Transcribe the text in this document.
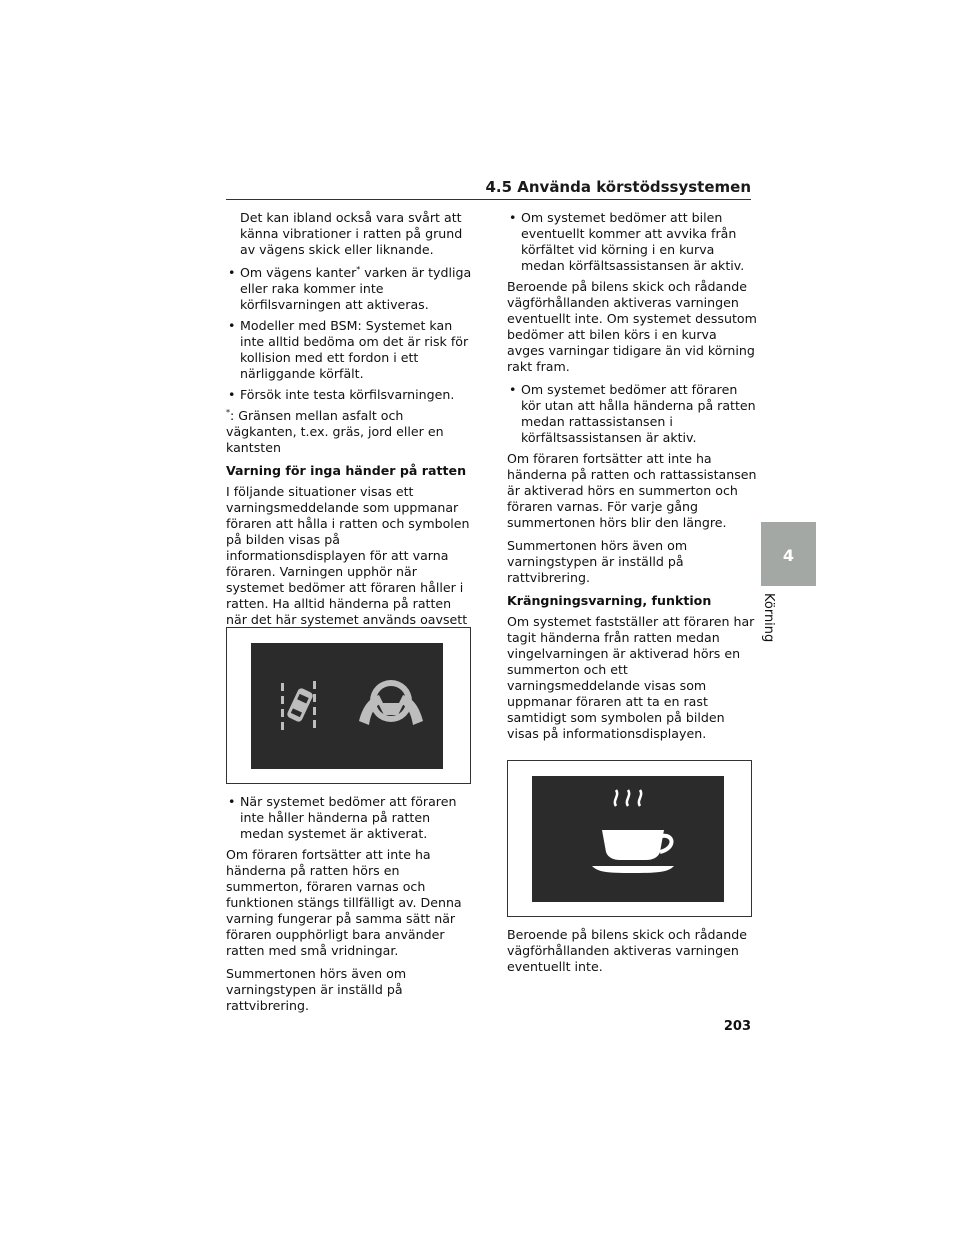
4.5 Använda körstödssystemen

Det kan ibland också vara svårt att känna vibrationer i ratten på grund av vägens skick eller liknande.

• Om vägens kanter* varken är tydliga eller raka kommer inte körfilsvarningen att aktiveras.
• Modeller med BSM: Systemet kan inte alltid bedöma om det är risk för kollision med ett fordon i ett närliggande körfält.
• Försök inte testa körfilsvarningen.

*: Gränsen mellan asfalt och vägkanten, t.ex. gräs, jord eller en kantsten

Varning för inga händer på ratten

I följande situationer visas ett varningsmeddelande som uppmanar föraren att hålla i ratten och symbolen på bilden visas på informationsdisplayen för att varna föraren. Varningen upphör när systemet bedömer att föraren håller i ratten. Ha alltid händerna på ratten när det här systemet används oavsett

• När systemet bedömer att föraren inte håller händerna på ratten medan systemet är aktiverat.

Om föraren fortsätter att inte ha händerna på ratten hörs en summerton, föraren varnas och funktionen stängs tillfälligt av. Denna varning fungerar på samma sätt när föraren oupphörligt bara använder ratten med små vridningar.

Summertonen hörs även om varningstypen är inställd på rattvibrering.

• Om systemet bedömer att bilen eventuellt kommer att avvika från körfältet vid körning i en kurva medan körfältsassistansen är aktiv.

Beroende på bilens skick och rådande vägförhållanden aktiveras varningen eventuellt inte. Om systemet dessutom bedömer att bilen körs i en kurva avges varningar tidigare än vid körning rakt fram.

• Om systemet bedömer att föraren kör utan att hålla händerna på ratten medan rattassistansen i körfältsassistansen är aktiv.

Om föraren fortsätter att inte ha händerna på ratten och rattassistansen är aktiverad hörs en summerton och föraren varnas. För varje gång summertonen hörs blir den längre.

Summertonen hörs även om varningstypen är inställd på rattvibrering.

Krängningsvarning, funktion

Om systemet fastställer att föraren har tagit händerna från ratten medan vingelvarningen är aktiverad hörs en summerton och ett varningsmeddelande visas som uppmanar föraren att ta en rast samtidigt som symbolen på bilden visas på informationsdisplayen.

Beroende på bilens skick och rådande vägförhållanden aktiveras varningen eventuellt inte.

4
Körning
203
